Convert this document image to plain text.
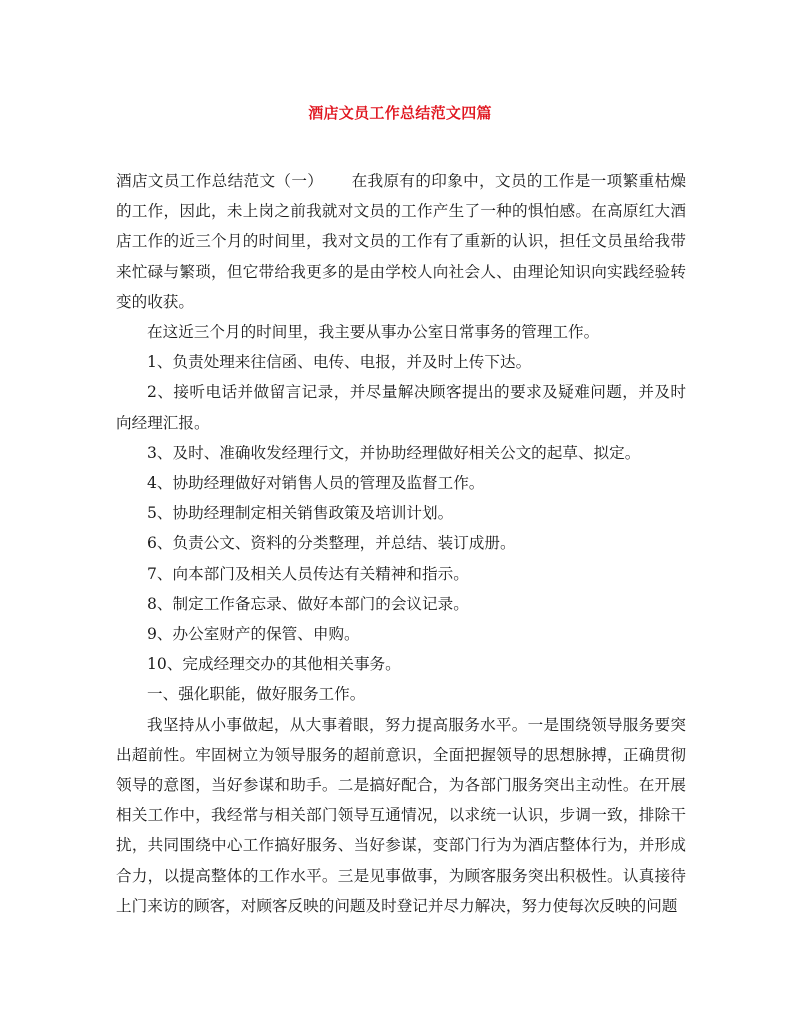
酒店文员工作总结范文四篇

酒店文员工作总结范文（一） 在我原有的印象中，文员的工作是一项繁重枯燥的工作，因此，未上岗之前我就对文员的工作产生了一种的惧怕感。在高原红大酒店工作的近三个月的时间里，我对文员的工作有了重新的认识，担任文员虽给我带来忙碌与繁琐，但它带给我更多的是由学校人向社会人、由理论知识向实践经验转变的收获。

在这近三个月的时间里，我主要从事办公室日常事务的管理工作。

1、负责处理来往信函、电传、电报，并及时上传下达。

2、接听电话并做留言记录，并尽量解决顾客提出的要求及疑难问题，并及时向经理汇报。

3、及时、准确收发经理行文，并协助经理做好相关公文的起草、拟定。

4、协助经理做好对销售人员的管理及监督工作。

5、协助经理制定相关销售政策及培训计划。

6、负责公文、资料的分类整理，并总结、装订成册。

7、向本部门及相关人员传达有关精神和指示。

8、制定工作备忘录、做好本部门的会议记录。

9、办公室财产的保管、申购。

10、完成经理交办的其他相关事务。

一、强化职能，做好服务工作。

我坚持从小事做起，从大事着眼，努力提高服务水平。一是围绕领导服务要突出超前性。牢固树立为领导服务的超前意识，全面把握领导的思想脉搏，正确贯彻领导的意图，当好参谋和助手。二是搞好配合，为各部门服务突出主动性。在开展相关工作中，我经常与相关部门领导互通情况，以求统一认识，步调一致，排除干扰，共同围绕中心工作搞好服务、当好参谋，变部门行为为酒店整体行为，并形成合力，以提高整体的工作水平。三是见事做事，为顾客服务突出积极性。认真接待上门来访的顾客，对顾客反映的问题及时登记并尽力解决，努力使每次反映的问题
